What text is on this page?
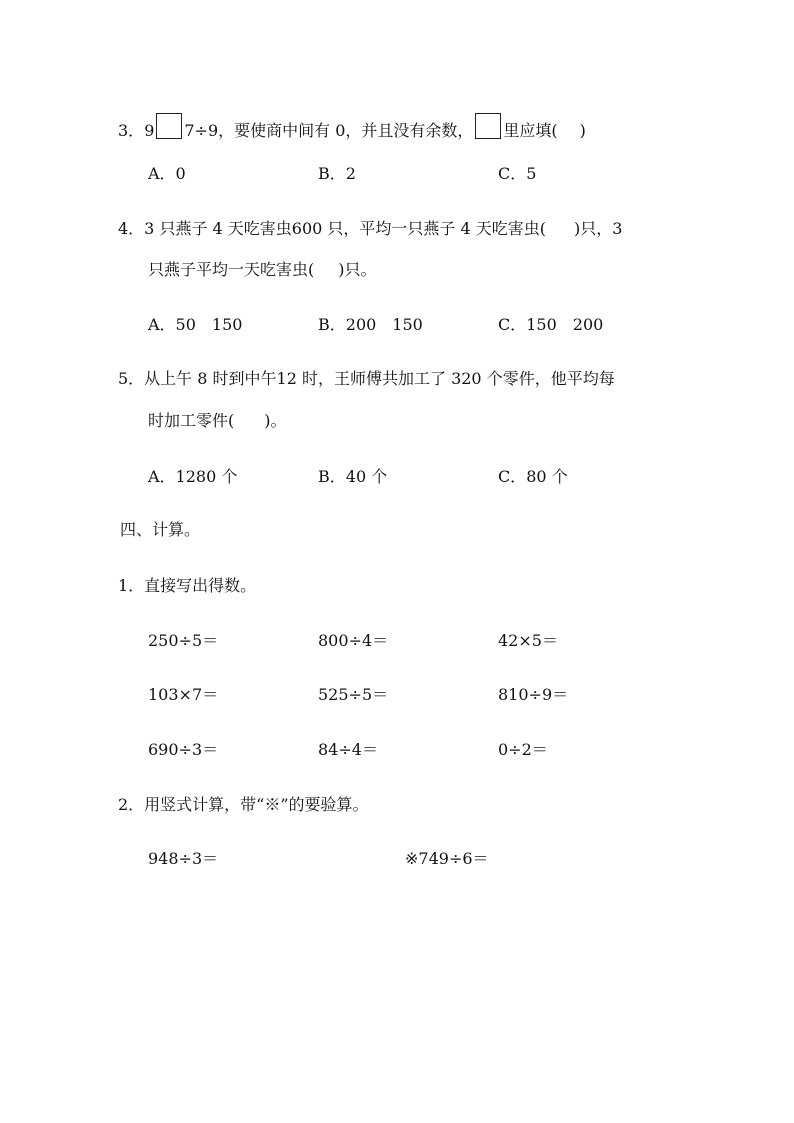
3．9 7÷9，要使商中间有 0，并且没有余数， 里应填( )
A．0	B．2	C．5
4．3 只燕子 4 天吃害虫600 只，平均一只燕子 4 天吃害虫( )只，3
只燕子平均一天吃害虫( )只。
A．50　150	B．200　150	C．150　200
5．从上午 8 时到中午12 时，王师傅共加工了 320 个零件，他平均每
时加工零件( )。
A．1280 个	B．40 个	C．80 个
四、计算。
1．直接写出得数。
250÷5＝	800÷4＝	42×5＝
103×7＝	525÷5＝	810÷9＝
690÷3＝	84÷4＝	0÷2＝
2．用竖式计算，带“※”的要验算。
948÷3＝	※749÷6＝
